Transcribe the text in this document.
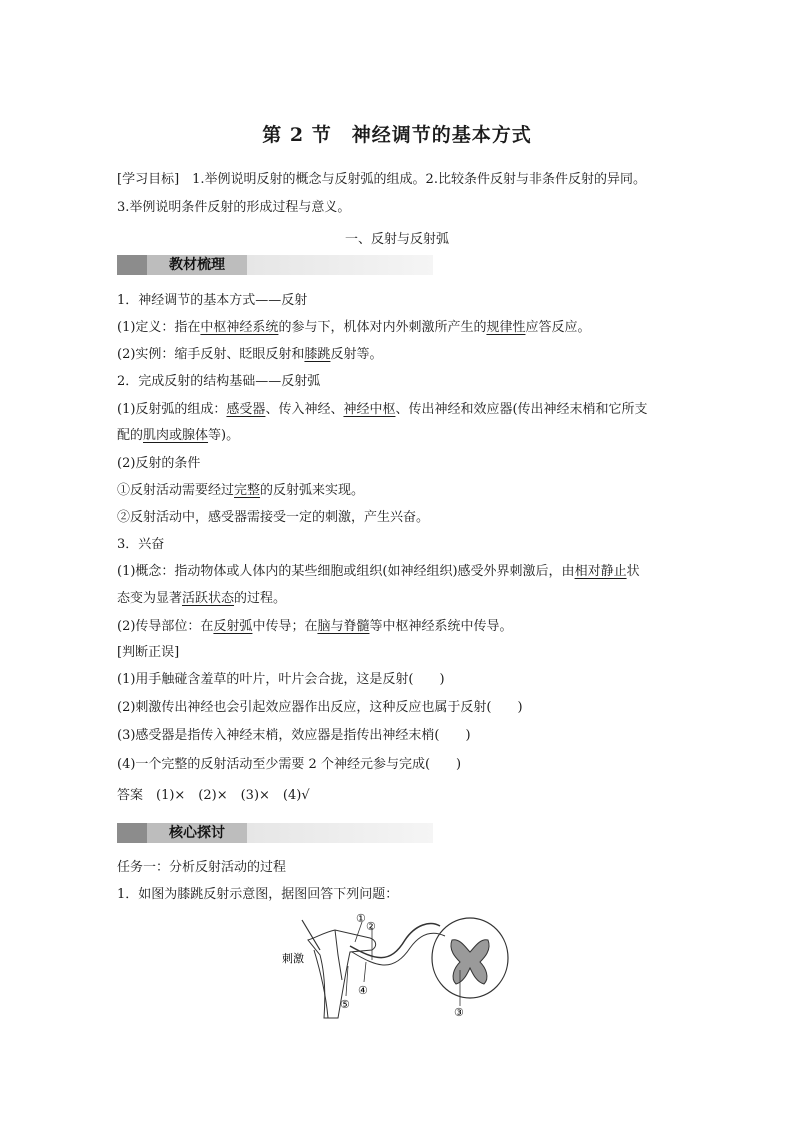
第 2 节　神经调节的基本方式
[学习目标]　1.举例说明反射的概念与反射弧的组成。2.比较条件反射与非条件反射的异同。
3.举例说明条件反射的形成过程与意义。
一、反射与反射弧
教材梳理
1．神经调节的基本方式——反射
(1)定义：指在中枢神经系统的参与下，机体对内外刺激所产生的规律性应答反应。
(2)实例：缩手反射、眨眼反射和膝跳反射等。
2．完成反射的结构基础——反射弧
(1)反射弧的组成：感受器、传入神经、神经中枢、传出神经和效应器(传出神经末梢和它所支
配的肌肉或腺体等)。
(2)反射的条件
①反射活动需要经过完整的反射弧来实现。
②反射活动中，感受器需接受一定的刺激，产生兴奋。
3．兴奋
(1)概念：指动物体或人体内的某些细胞或组织(如神经组织)感受外界刺激后，由相对静止状
态变为显著活跃状态的过程。
(2)传导部位：在反射弧中传导；在脑与脊髓等中枢神经系统中传导。
[判断正误]
(1)用手触碰含羞草的叶片，叶片会合拢，这是反射(　　)
(2)刺激传出神经也会引起效应器作出反应，这种反应也属于反射(　　)
(3)感受器是指传入神经末梢，效应器是指传出神经末梢(　　)
(4)一个完整的反射活动至少需要 2 个神经元参与完成(　　)
答案　(1)×　(2)×　(3)×　(4)√
核心探讨
任务一：分析反射活动的过程
1．如图为膝跳反射示意图，据图回答下列问题：
刺激
①
②
③
④
⑤
